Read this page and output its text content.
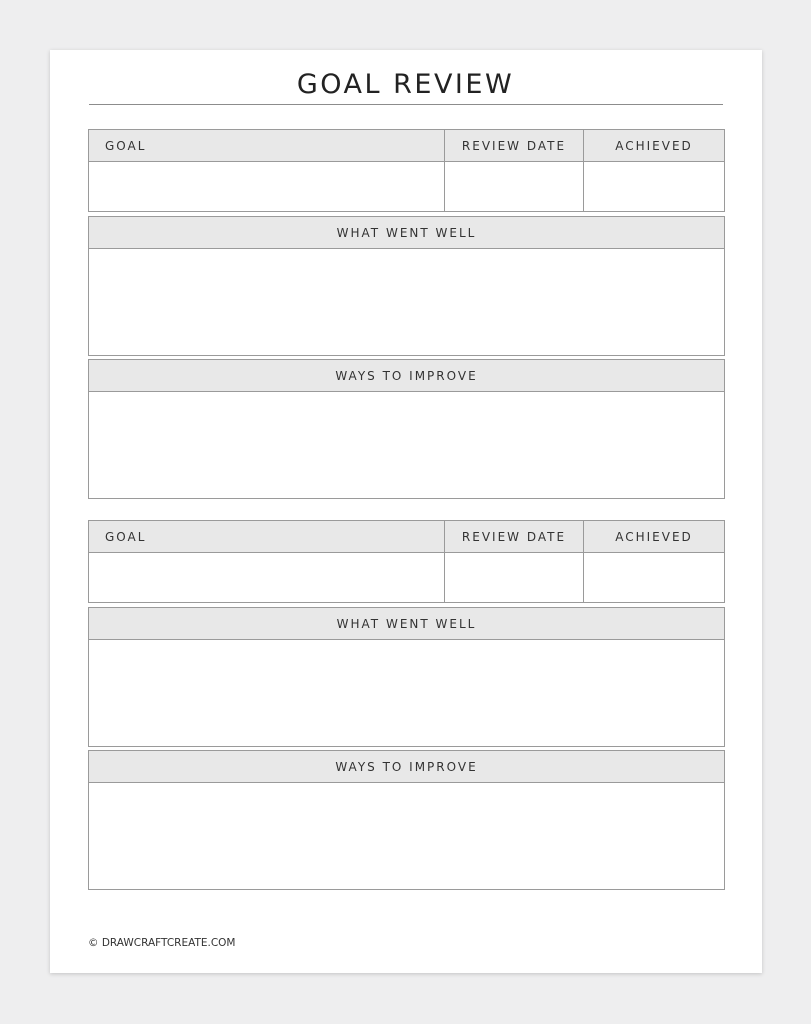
GOAL REVIEW
GOAL	REVIEW DATE	ACHIEVED
WHAT WENT WELL
WAYS TO IMPROVE
GOAL	REVIEW DATE	ACHIEVED
WHAT WENT WELL
WAYS TO IMPROVE
© DRAWCRAFTCREATE.COM
